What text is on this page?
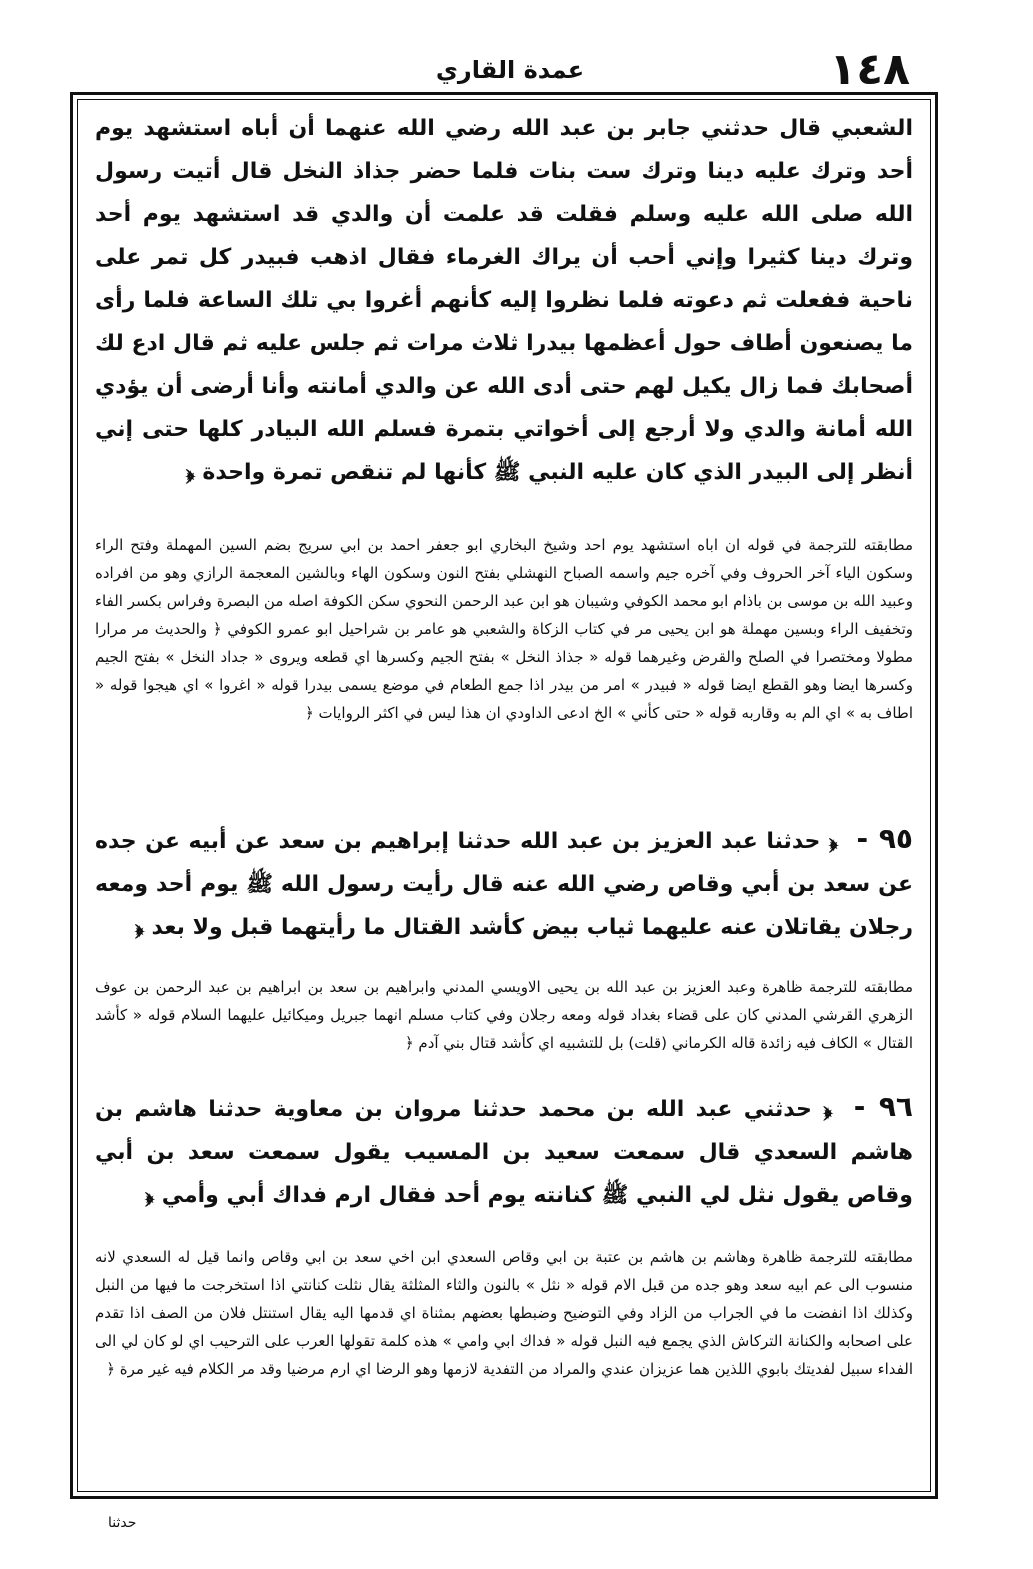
١٤٨
عمدة القاري

الشعبي قال حدثني جابر بن عبد الله رضي الله عنهما أن أباه استشهد يوم أحد وترك عليه دينا وترك ست بنات فلما حضر جذاذ النخل قال أتيت رسول الله صلى الله عليه وسلم فقلت قد علمت أن والدي قد استشهد يوم أحد وترك دينا كثيرا وإني أحب أن يراك الغرماء فقال اذهب فبيدر كل تمر على ناحية ففعلت ثم دعوته فلما نظروا إليه كأنهم أغروا بي تلك الساعة فلما رأى ما يصنعون أطاف حول أعظمها بيدرا ثلاث مرات ثم جلس عليه ثم قال ادع لك أصحابك فما زال يكيل لهم حتى أدى الله عن والدي أمانته وأنا أرضى أن يؤدي الله أمانة والدي ولا أرجع إلى أخواتي بتمرة فسلم الله البيادر كلها حتى إني أنظر إلى البيدر الذي كان عليه النبي ﷺ كأنها لم تنقص تمرة واحدة ﴿

مطابقته للترجمة في قوله ان اباه استشهد يوم احد وشيخ البخاري ابو جعفر احمد بن ابي سريج بضم السين المهملة وفتح الراء وسكون الياء آخر الحروف وفي آخره جيم واسمه الصباح النهشلي بفتح النون وسكون الهاء وبالشين المعجمة الرازي وهو من افراده وعبيد الله بن موسى بن باذام ابو محمد الكوفي وشيبان هو ابن عبد الرحمن النحوي سكن الكوفة اصله من البصرة وفراس بكسر الفاء وتخفيف الراء وبسين مهملة هو ابن يحيى مر في كتاب الزكاة والشعبي هو عامر بن شراحيل ابو عمرو الكوفي ﴿ والحديث مر مرارا مطولا ومختصرا في الصلح والقرض وغيرهما قوله « جذاذ النخل » بفتح الجيم وكسرها اي قطعه ويروى « جداد النخل » بفتح الجيم وكسرها ايضا وهو القطع ايضا قوله « فبيدر » امر من بيدر اذا جمع الطعام في موضع يسمى بيدرا قوله « اغروا » اي هيجوا قوله « اطاف به » اي الم به وقاربه قوله « حتى كأني » الخ ادعى الداودي ان هذا ليس في اكثر الروايات ﴿

٩٥ - ﴿ حدثنا عبد العزيز بن عبد الله حدثنا إبراهيم بن سعد عن أبيه عن جده عن سعد بن أبي وقاص رضي الله عنه قال رأيت رسول الله ﷺ يوم أحد ومعه رجلان يقاتلان عنه عليهما ثياب بيض كأشد القتال ما رأيتهما قبل ولا بعد ﴿

مطابقته للترجمة ظاهرة وعبد العزيز بن عبد الله بن يحيى الاويسي المدني وابراهيم بن سعد بن ابراهيم بن عبد الرحمن بن عوف الزهري القرشي المدني كان على قضاء بغداد قوله ومعه رجلان وفي كتاب مسلم انهما جبريل وميكائيل عليهما السلام قوله « كأشد القتال » الكاف فيه زائدة قاله الكرماني (قلت) بل للتشبيه اي كأشد قتال بني آدم ﴿

٩٦ - ﴿ حدثني عبد الله بن محمد حدثنا مروان بن معاوية حدثنا هاشم بن هاشم السعدي قال سمعت سعيد بن المسيب يقول سمعت سعد بن أبي وقاص يقول نثل لي النبي ﷺ كنانته يوم أحد فقال ارم فداك أبي وأمي ﴿

مطابقته للترجمة ظاهرة وهاشم بن هاشم بن عتبة بن ابي وقاص السعدي ابن اخي سعد بن ابي وقاص وانما قيل له السعدي لانه منسوب الى عم ابيه سعد وهو جده من قبل الام قوله « نثل » بالنون والثاء المثلثة يقال نثلت كنانتي اذا استخرجت ما فيها من النبل وكذلك اذا انفضت ما في الجراب من الزاد وفي التوضيح وضبطها بعضهم بمثناة اي قدمها اليه يقال استنتل فلان من الصف اذا تقدم على اصحابه والكنانة التركاش الذي يجمع فيه النبل قوله « فداك ابي وامي » هذه كلمة تقولها العرب على الترحيب اي لو كان لي الى الفداء سبيل لفديتك بابوي اللذين هما عزيزان عندي والمراد من التفدية لازمها وهو الرضا اي ارم مرضيا وقد مر الكلام فيه غير مرة ﴿

حدثنا
